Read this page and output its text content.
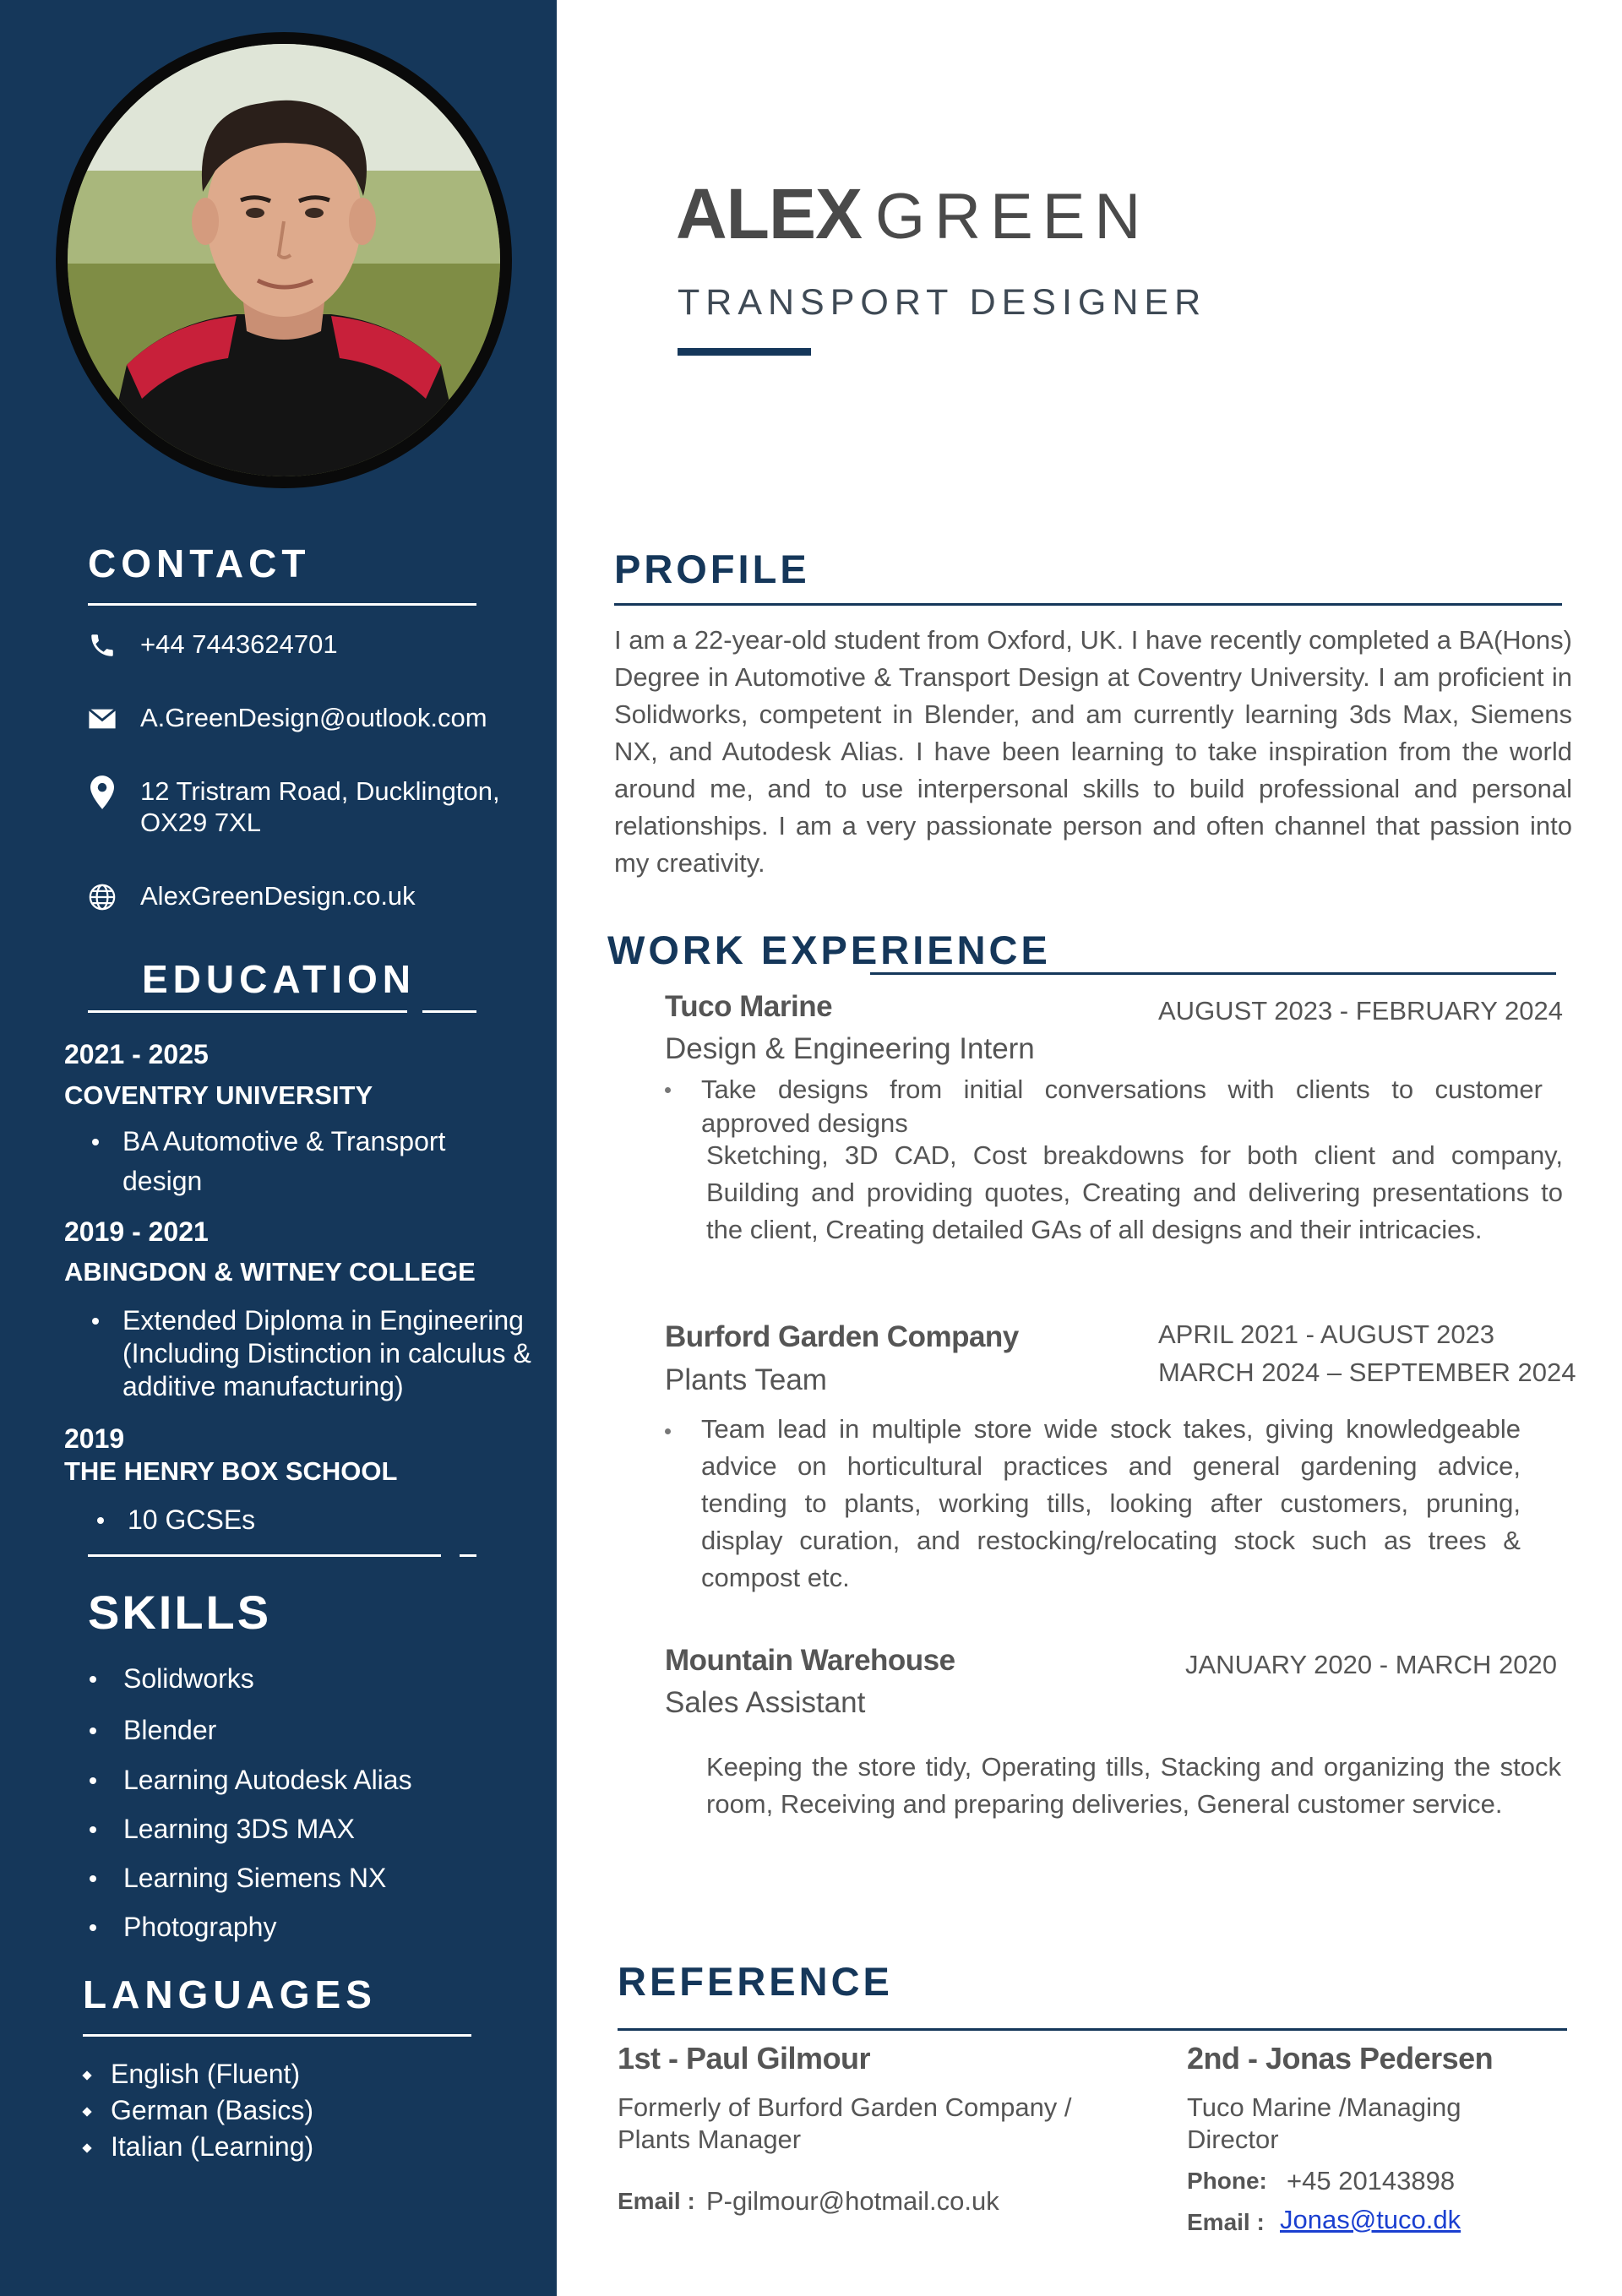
CONTACT
+44 7443624701
A.GreenDesign@outlook.com
12 Tristram Road, Ducklington,
OX29 7XL
AlexGreenDesign.co.uk
EDUCATION
2021 - 2025
COVENTRY UNIVERSITY
BA Automotive & Transport
design
2019 - 2021
ABINGDON & WITNEY COLLEGE
Extended Diploma in Engineering
(Including Distinction in calculus &
additive manufacturing)
2019
THE HENRY BOX SCHOOL
10 GCSEs
SKILLS
Solidworks
Blender
Learning Autodesk Alias
Learning 3DS MAX
Learning Siemens NX
Photography
LANGUAGES
English (Fluent)
German (Basics)
Italian (Learning)
ALEX GREEN
TRANSPORT DESIGNER
PROFILE
I am a 22-year-old student from Oxford, UK. I have recently completed a BA(Hons) Degree in Automotive & Transport Design at Coventry University. I am proficient in Solidworks, competent in Blender, and am currently learning 3ds Max, Siemens NX, and Autodesk Alias. I have been learning to take inspiration from the world around me, and to use interpersonal skills to build professional and personal relationships. I am a very passionate person and often channel that passion into my creativity.
WORK EXPERIENCE
Tuco Marine	AUGUST 2023 - FEBRUARY 2024
Design & Engineering Intern
Take designs from initial conversations with clients to customer approved designs
Sketching, 3D CAD, Cost breakdowns for both client and company, Building and providing quotes, Creating and delivering presentations to the client, Creating detailed GAs of all designs and their intricacies.
Burford Garden Company	APRIL 2021 - AUGUST 2023
MARCH 2024 – SEPTEMBER 2024
Plants Team
Team lead in multiple store wide stock takes, giving knowledgeable advice on horticultural practices and general gardening advice, tending to plants, working tills, looking after customers, pruning, display curation, and restocking/relocating stock such as trees & compost etc.
Mountain Warehouse	JANUARY 2020 - MARCH 2020
Sales Assistant
Keeping the store tidy, Operating tills, Stacking and organizing the stock room, Receiving and preparing deliveries, General customer service.
REFERENCE
1st - Paul Gilmour
Formerly of Burford Garden Company /
Plants Manager
Email : P-gilmour@hotmail.co.uk
2nd - Jonas Pedersen
Tuco Marine /Managing
Director
Phone: +45 20143898
Email : Jonas@tuco.dk
